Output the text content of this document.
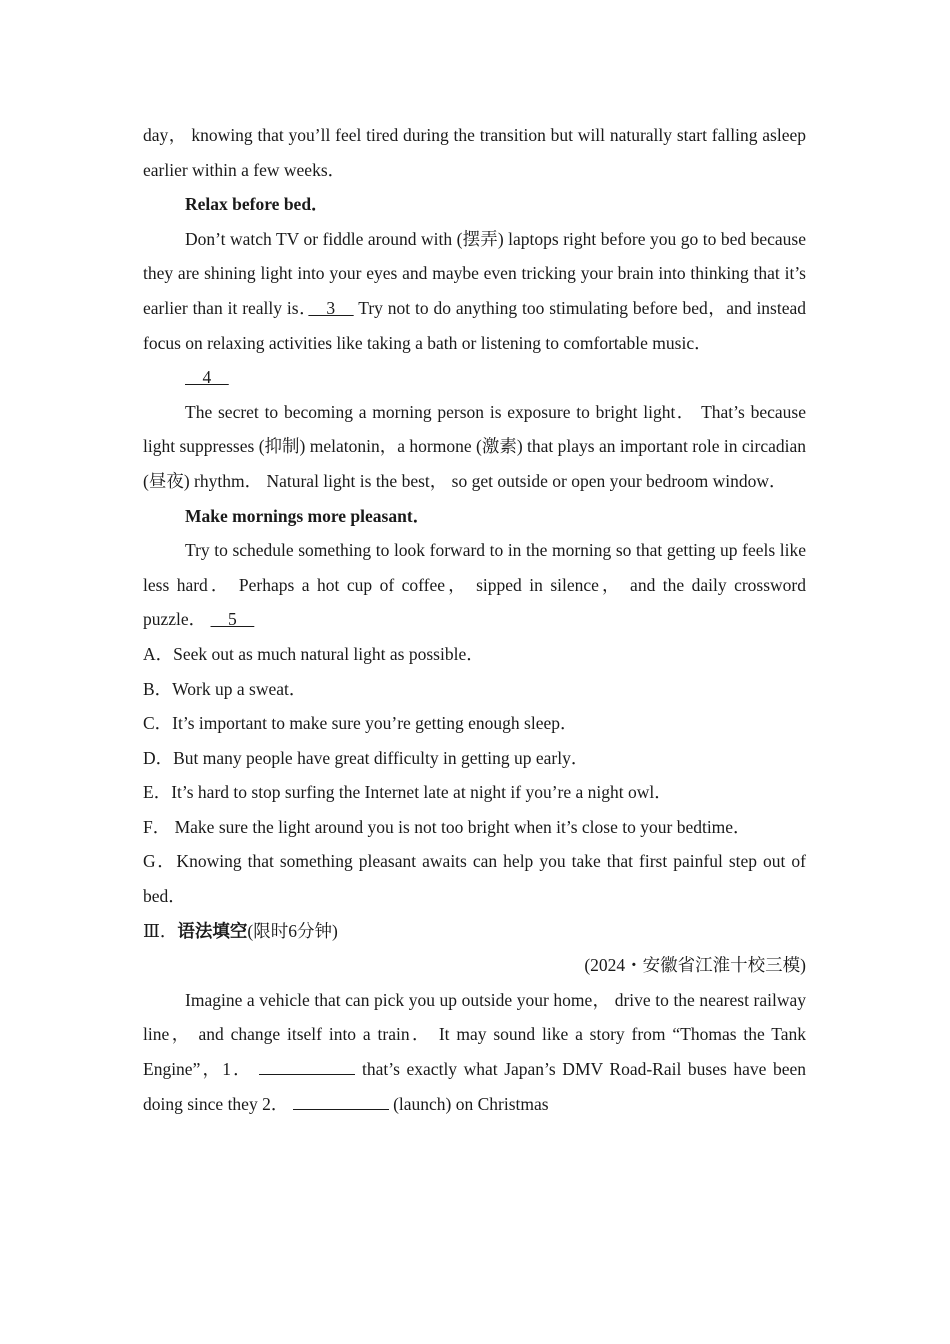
day， knowing that you’ll feel tired during the transition but will naturally start falling asleep earlier within a few weeks．

Relax before bed．

Don’t watch TV or fiddle around with (摆弄) laptops right before you go to bed because they are shining light into your eyes and maybe even tricking your brain into thinking that it’s earlier than it really is．　3　 Try not to do anything too stimulating before bed，and instead focus on relaxing activities like taking a bath or listening to comfortable music．

　4　

The secret to becoming a morning person is exposure to bright light． That’s because light suppresses (抑制) melatonin，a hormone (激素) that plays an important role in circadian (昼夜) rhythm． Natural light is the best， so get outside or open your bedroom window．

Make mornings more pleasant．

Try to schedule something to look forward to in the morning so that getting up feels like less hard． Perhaps a hot cup of coffee， sipped in silence， and the daily crossword puzzle． 　5　

A．Seek out as much natural light as possible．

B．Work up a sweat．

C．It’s important to make sure you’re getting enough sleep．

D．But many people have great difficulty in getting up early．

E．It’s hard to stop surfing the Internet late at night if you’re a night owl．

F． Make sure the light around you is not too bright when it’s close to your bedtime．

G．Knowing that something pleasant awaits can help you take that first painful step out of bed．

Ⅲ．语法填空(限时6分钟)

(2024・安徽省江淮十校三模)

Imagine a vehicle that can pick you up outside your home， drive to the nearest railway line， and change itself into a train． It may sound like a story from “Thomas the Tank Engine”，1．	that’s exactly what Japan’s DMV Road-Rail buses have been doing since they 2．	(launch) on Christmas
